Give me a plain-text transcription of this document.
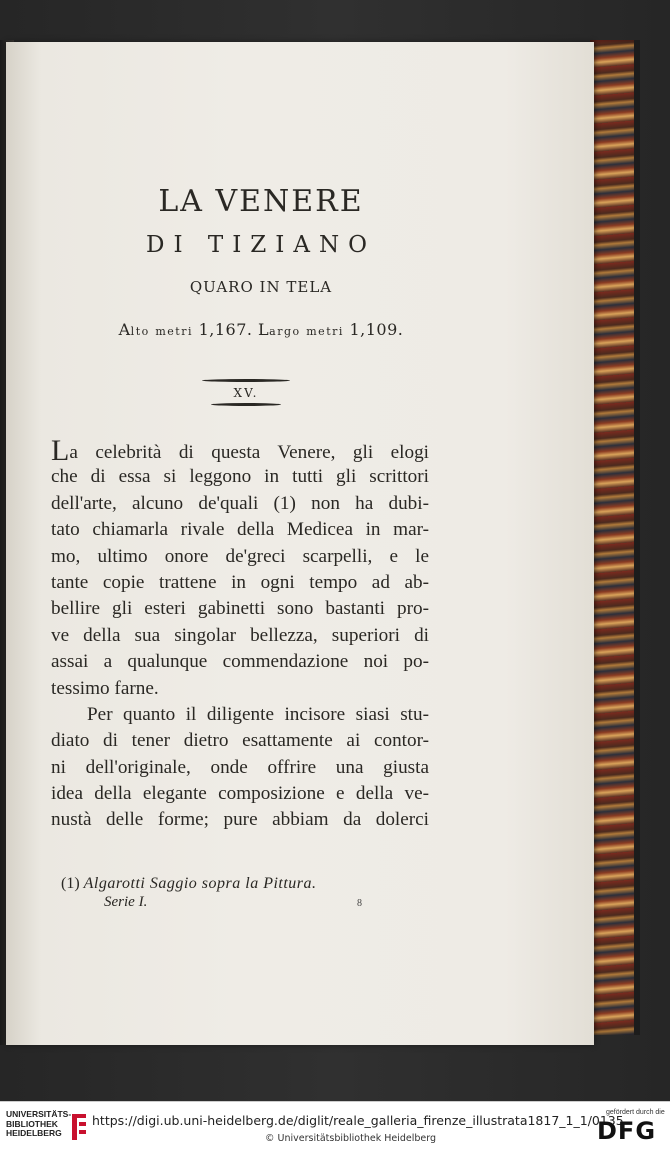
LA VENERE
DI TIZIANO
QUARO IN TELA
Alto metri 1,167. Largo metri 1,109.
XV.
La celebrità di questa Venere, gli elogi
che di essa si leggono in tutti gli scrittori
dell'arte, alcuno de'quali (1) non ha dubi-
tato chiamarla rivale della Medicea in mar-
mo, ultimo onore de'greci scarpelli, e le
tante copie trattene in ogni tempo ad ab-
bellire gli esteri gabinetti sono bastanti pro-
ve della sua singolar bellezza, superiori di
assai a qualunque commendazione noi po-
tessimo farne.
Per quanto il diligente incisore siasi stu-
diato di tener dietro esattamente ai contor-
ni dell'originale, onde offrire una giusta
idea della elegante composizione e della ve-
nustà delle forme; pure abbiam da dolerci
(1) Algarotti Saggio sopra la Pittura.
Serie I.	8
UNIVERSITÄTS-
BIBLIOTHEK
HEIDELBERG
https://digi.ub.uni-heidelberg.de/diglit/reale_galleria_firenze_illustrata1817_1_1/0135
© Universitätsbibliothek Heidelberg
gefördert durch die
DFG
